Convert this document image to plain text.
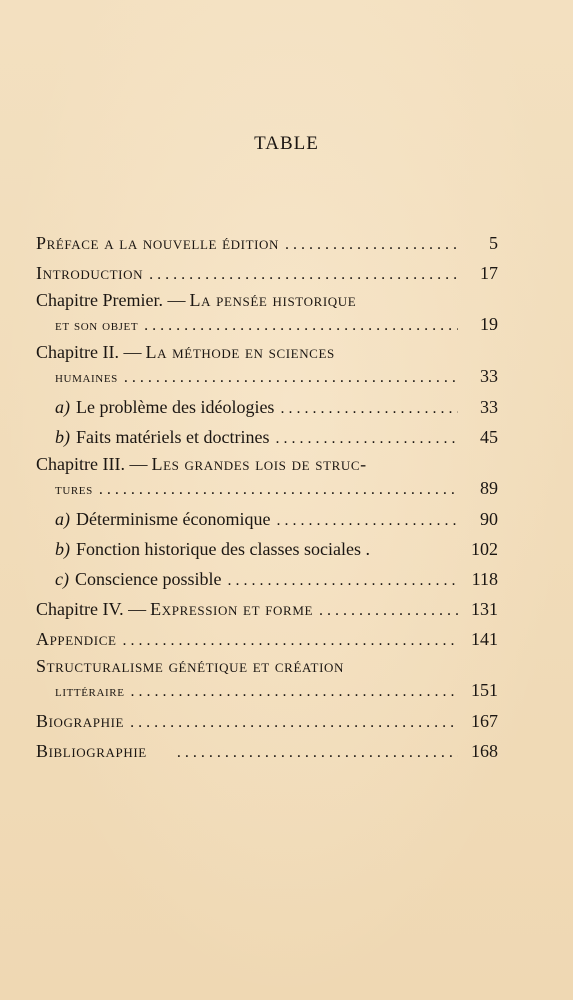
TABLE
Préface a la nouvelle édition . . .	5
Introduction . . .	17
Chapitre Premier. — La pensée historique
et son objet . . .	19
Chapitre II. — La méthode en sciences
humaines . . .	33
a) Le problème des idéologies . . .	33
b) Faits matériels et doctrines . . .	45
Chapitre III. — Les grandes lois de struc-
tures . . .	89
a) Déterminisme économique . . .	90
b) Fonction historique des classes sociales .	102
c) Conscience possible . . .	118
Chapitre IV. — Expression et forme . . .	131
Appendice . . .	141
Structuralisme génétique et création
littéraire . . .	151
Biographie . . .	167
Bibliographie . . .	168
